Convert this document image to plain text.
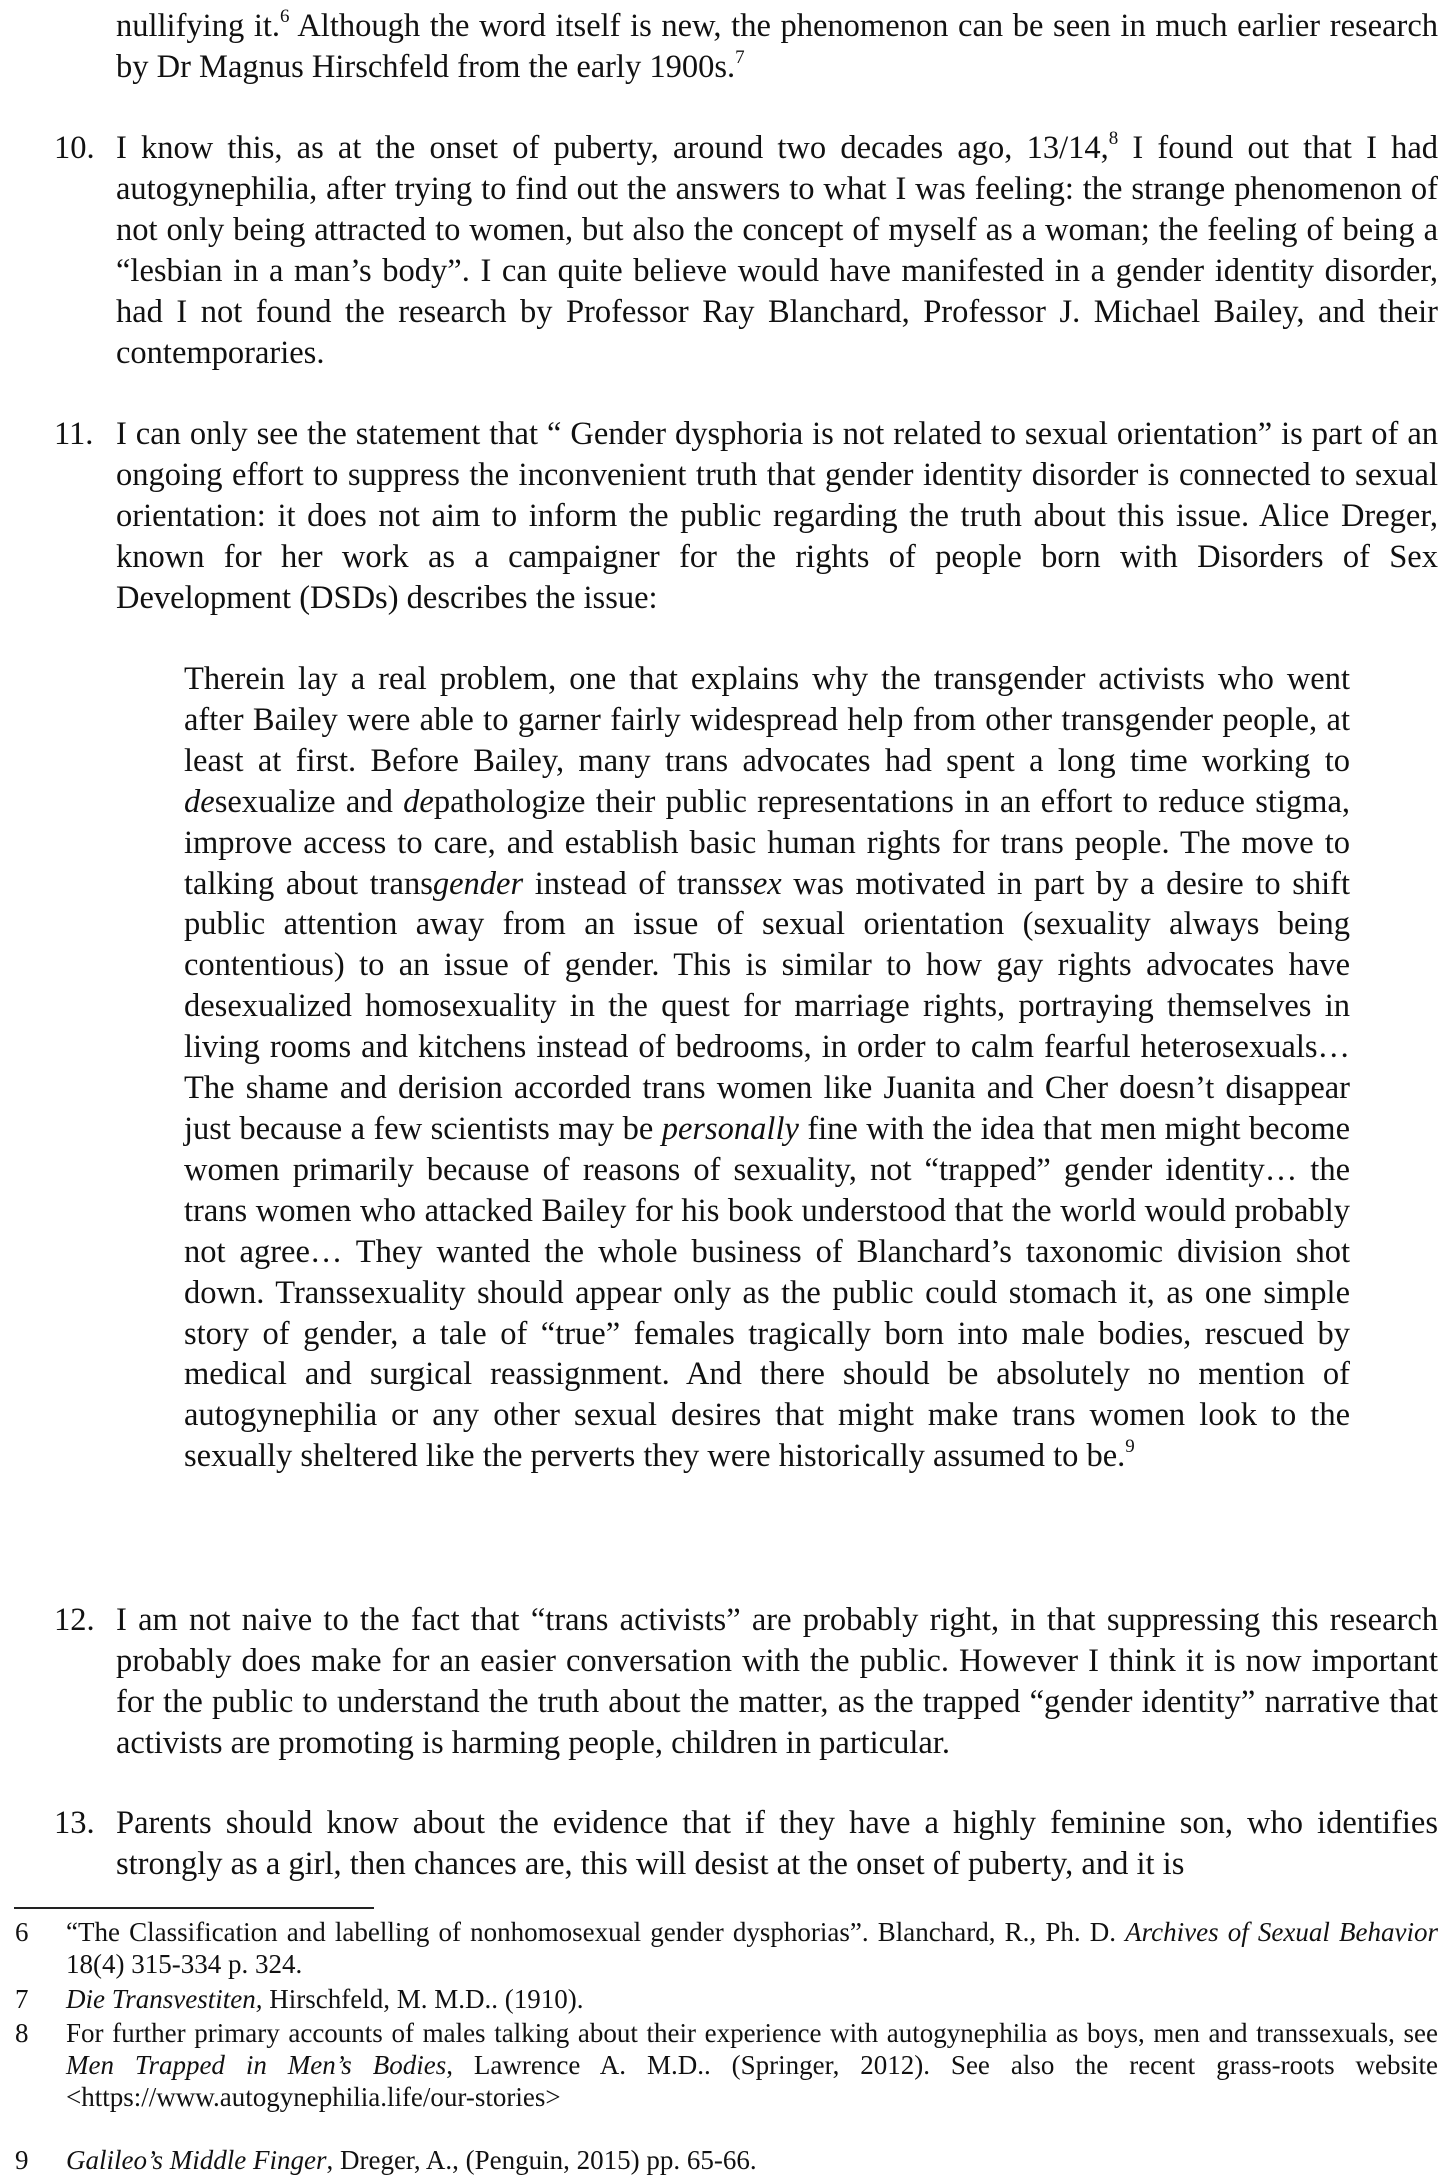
nullifying it.$^6$ Although the word itself is new, the phenomenon can be seen in much earlier research by Dr Magnus Hirschfeld from the early 1900s.$^7$
10. I know this, as at the onset of puberty, around two decades ago, 13/14,$^8$ I found out that I had autogynephilia, after trying to find out the answers to what I was feeling: the strange phenomenon of not only being attracted to women, but also the concept of myself as a woman; the feeling of being a “lesbian in a man’s body”. I can quite believe would have manifested in a gender identity disorder, had I not found the research by Professor Ray Blanchard, Professor J. Michael Bailey, and their contemporaries.
11. I can only see the statement that “ Gender dysphoria is not related to sexual orientation” is part of an ongoing effort to suppress the inconvenient truth that gender identity disorder is connected to sexual orientation: it does not aim to inform the public regarding the truth about this issue. Alice Dreger, known for her work as a campaigner for the rights of people born with Disorders of Sex Development (DSDs) describes the issue:
Therein lay a real problem, one that explains why the transgender activists who went after Bailey were able to garner fairly widespread help from other transgender people, at least at first. Before Bailey, many trans advocates had spent a long time working to desexualize and depathologize their public representations in an effort to reduce stigma, improve access to care, and establish basic human rights for trans people. The move to talking about transgender instead of transsex was motivated in part by a desire to shift public attention away from an issue of sexual orientation (sexuality always being contentious) to an issue of gender. This is similar to how gay rights advocates have desexualized homosexuality in the quest for marriage rights, portraying themselves in living rooms and kitchens instead of bedrooms, in order to calm fearful heterosexuals… The shame and derision accorded trans women like Juanita and Cher doesn’t disappear just because a few scientists may be personally fine with the idea that men might become women primarily because of reasons of sexuality, not “trapped” gender identity… the trans women who attacked Bailey for his book understood that the world would probably not agree… They wanted the whole business of Blanchard’s taxonomic division shot down. Transsexuality should appear only as the public could stomach it, as one simple story of gender, a tale of “true” females tragically born into male bodies, rescued by medical and surgical reassignment. And there should be absolutely no mention of autogynephilia or any other sexual desires that might make trans women look to the sexually sheltered like the perverts they were historically assumed to be.$^9$
12. I am not naive to the fact that “trans activists” are probably right, in that suppressing this research probably does make for an easier conversation with the public. However I think it is now important for the public to understand the truth about the matter, as the trapped “gender identity” narrative that activists are promoting is harming people, children in particular.
13. Parents should know about the evidence that if they have a highly feminine son, who identifies strongly as a girl, then chances are, this will desist at the onset of puberty, and it is
6 “The Classification and labelling of nonhomosexual gender dysphorias”. Blanchard, R., Ph. D. Archives of Sexual Behavior 18(4) 315-334 p. 324.
7 Die Transvestiten, Hirschfeld, M. M.D.. (1910).
8 For further primary accounts of males talking about their experience with autogynephilia as boys, men and transsexuals, see Men Trapped in Men’s Bodies, Lawrence A. M.D.. (Springer, 2012). See also the recent grass-roots website <https://www.autogynephilia.life/our-stories>
9 Galileo’s Middle Finger, Dreger, A., (Penguin, 2015) pp. 65-66.
